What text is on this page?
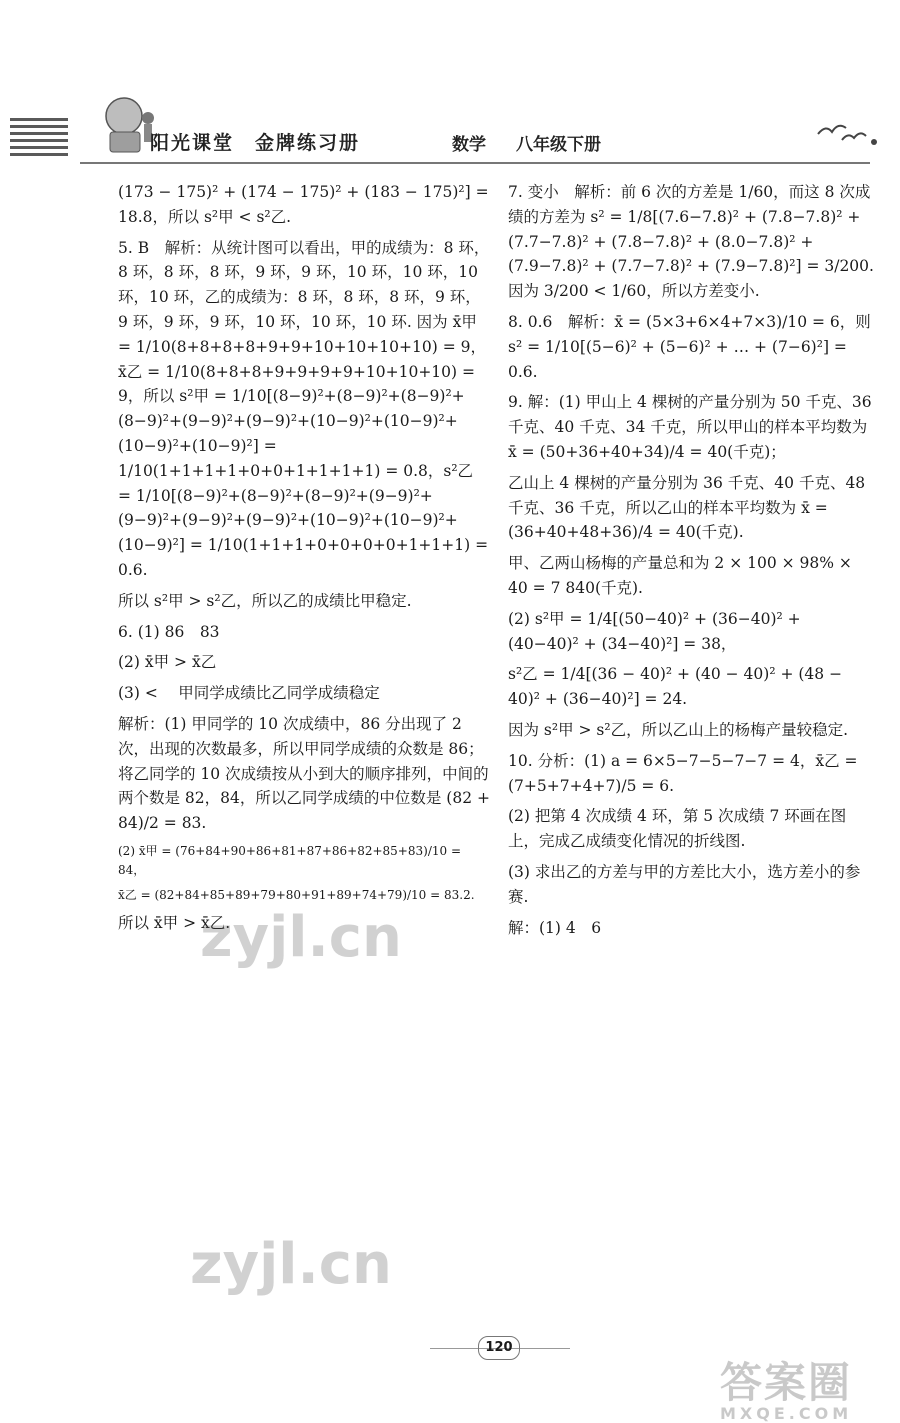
阳光课堂　金牌练习册	数学 八年级下册

(173 − 175)² + (174 − 175)² + (183 − 175)²] = 18.8，所以 s²甲 < s²乙.

5. B　解析：从统计图可以看出，甲的成绩为：8 环，8 环，8 环，8 环，9 环，9 环，10 环，10 环，10 环，10 环，乙的成绩为：8 环，8 环，8 环，9 环，9 环，9 环，9 环，10 环，10 环，10 环. 因为 x̄甲 = 1/10(8+8+8+8+9+9+10+10+10+10) = 9，x̄乙 = 1/10(8+8+8+9+9+9+9+10+10+10) = 9，所以 s²甲 = 1/10[(8−9)²+(8−9)²+(8−9)²+(8−9)²+(9−9)²+(9−9)²+(10−9)²+(10−9)²+(10−9)²+(10−9)²] = 1/10(1+1+1+1+0+0+1+1+1+1) = 0.8，s²乙 = 1/10[(8−9)²+(8−9)²+(8−9)²+(9−9)²+(9−9)²+(9−9)²+(9−9)²+(10−9)²+(10−9)²+(10−9)²] = 1/10(1+1+1+0+0+0+0+1+1+1) = 0.6.

所以 s²甲 > s²乙，所以乙的成绩比甲稳定.

6. (1) 86　83

(2) x̄甲 > x̄乙

(3) < 　甲同学成绩比乙同学成绩稳定

解析：(1) 甲同学的 10 次成绩中，86 分出现了 2 次，出现的次数最多，所以甲同学成绩的众数是 86；将乙同学的 10 次成绩按从小到大的顺序排列，中间的两个数是 82，84，所以乙同学成绩的中位数是 (82 + 84)/2 = 83.

(2) x̄甲 = (76+84+90+86+81+87+86+82+85+83)/10 = 84，

x̄乙 = (82+84+85+89+79+80+91+89+74+79)/10 = 83.2.

所以 x̄甲 > x̄乙.

7. 变小　解析：前 6 次的方差是 1/60，而这 8 次成绩的方差为 s² = 1/8[(7.6−7.8)² + (7.8−7.8)² + (7.7−7.8)² + (7.8−7.8)² + (8.0−7.8)² + (7.9−7.8)² + (7.7−7.8)² + (7.9−7.8)²] = 3/200. 因为 3/200 < 1/60，所以方差变小.

8. 0.6　解析：x̄ = (5×3+6×4+7×3)/10 = 6，则 s² = 1/10[(5−6)² + (5−6)² + … + (7−6)²] = 0.6.

9. 解：(1) 甲山上 4 棵树的产量分别为 50 千克、36 千克、40 千克、34 千克，所以甲山的样本平均数为 x̄ = (50+36+40+34)/4 = 40(千克)；

乙山上 4 棵树的产量分别为 36 千克、40 千克、48 千克、36 千克，所以乙山的样本平均数为 x̄ = (36+40+48+36)/4 = 40(千克).

甲、乙两山杨梅的产量总和为 2 × 100 × 98% × 40 = 7 840(千克).

(2) s²甲 = 1/4[(50−40)² + (36−40)² + (40−40)² + (34−40)²] = 38，

s²乙 = 1/4[(36 − 40)² + (40 − 40)² + (48 − 40)² + (36−40)²] = 24.

因为 s²甲 > s²乙，所以乙山上的杨梅产量较稳定.

10. 分析：(1) a = 6×5−7−5−7−7 = 4，x̄乙 = (7+5+7+4+7)/5 = 6.

(2) 把第 4 次成绩 4 环，第 5 次成绩 7 环画在图上，完成乙成绩变化情况的折线图.

(3) 求出乙的方差与甲的方差比大小，选方差小的参赛.

解：(1) 4　6

zyjl.cn
zyjl.cn
120
答案圈
MXQE.COM
